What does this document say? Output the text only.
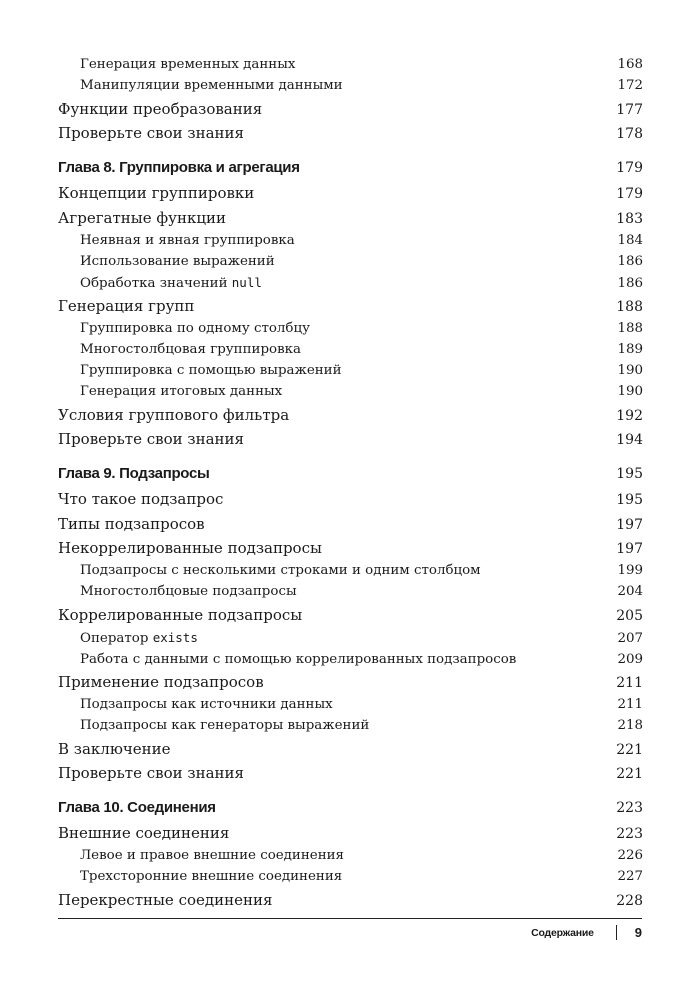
Генерация временных данных	168
Манипуляции временными данными	172
Функции преобразования	177
Проверьте свои знания	178
Глава 8. Группировка и агрегация	179
Концепции группировки	179
Агрегатные функции	183
Неявная и явная группировка	184
Использование выражений	186
Обработка значений null	186
Генерация групп	188
Группировка по одному столбцу	188
Многостолбцовая группировка	189
Группировка с помощью выражений	190
Генерация итоговых данных	190
Условия группового фильтра	192
Проверьте свои знания	194
Глава 9. Подзапросы	195
Что такое подзапрос	195
Типы подзапросов	197
Некоррелированные подзапросы	197
Подзапросы с несколькими строками и одним столбцом	199
Многостолбцовые подзапросы	204
Коррелированные подзапросы	205
Оператор exists	207
Работа с данными с помощью коррелированных подзапросов	209
Применение подзапросов	211
Подзапросы как источники данных	211
Подзапросы как генераторы выражений	218
В заключение	221
Проверьте свои знания	221
Глава 10. Соединения	223
Внешние соединения	223
Левое и правое внешние соединения	226
Трехсторонние внешние соединения	227
Перекрестные соединения	228
Содержание	9
